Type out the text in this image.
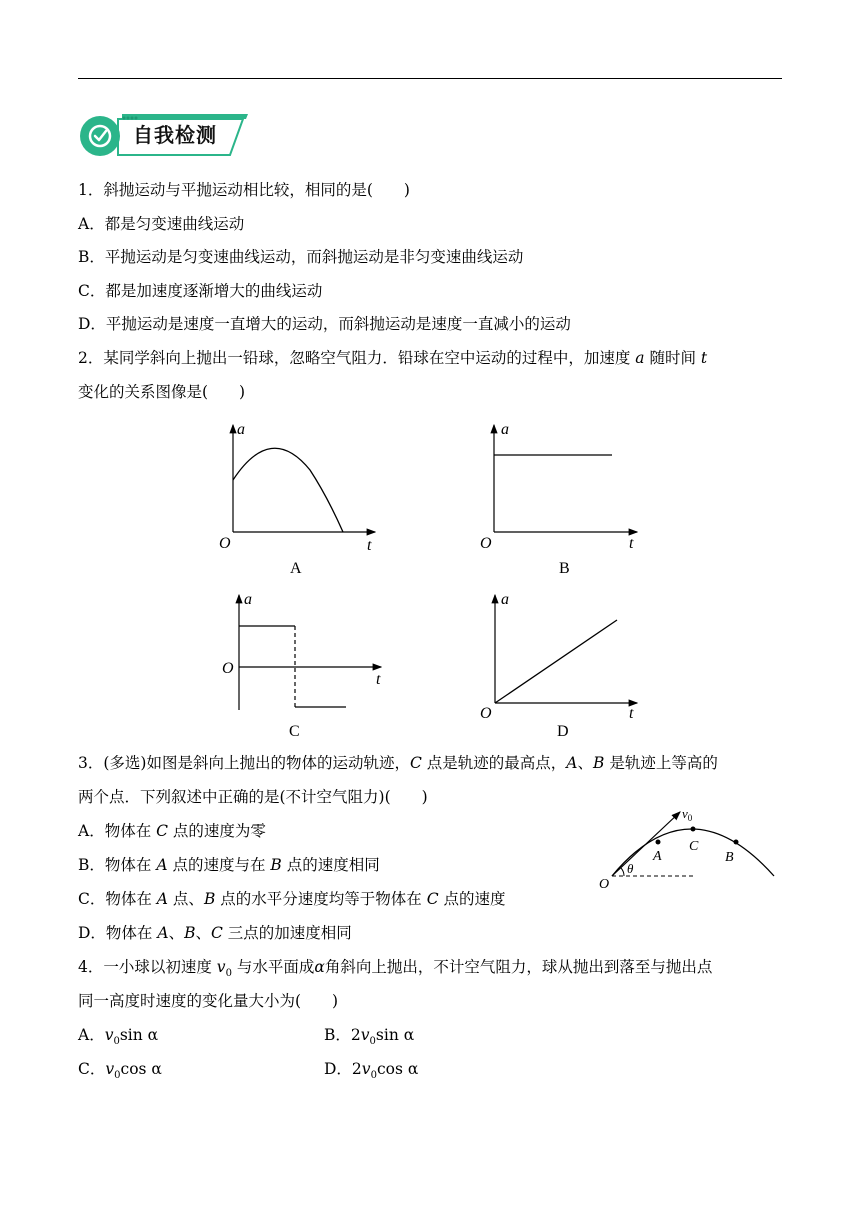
自我检测
1．斜抛运动与平抛运动相比较，相同的是(　　)
A．都是匀变速曲线运动
B．平抛运动是匀变速曲线运动，而斜抛运动是非匀变速曲线运动
C．都是加速度逐渐增大的曲线运动
D．平抛运动是速度一直增大的运动，而斜抛运动是速度一直减小的运动
2．某同学斜向上抛出一铅球，忽略空气阻力．铅球在空中运动的过程中，加速度 a 随时间 t
变化的关系图像是(　　)
a
t
O
A
a
t
O
B
a
t
O
C
a
t
O
D
3．(多选)如图是斜向上抛出的物体的运动轨迹，C 点是轨迹的最高点，A、B 是轨迹上等高的
两个点．下列叙述中正确的是(不计空气阻力)(　　)
A．物体在 C 点的速度为零
B．物体在 A 点的速度与在 B 点的速度相同
C．物体在 A 点、B 点的水平分速度均等于物体在 C 点的速度
D．物体在 A、B、C 三点的加速度相同
$v_0$
θ
O
A
C
B
4．一小球以初速度 $v_0$ 与水平面成α角斜向上抛出，不计空气阻力，球从抛出到落至与抛出点
同一高度时速度的变化量大小为(　　)
A．$v_0\sin$ α	B．$2v_0\sin$ α
C．$v_0\cos$ α	D．$2v_0\cos$ α
